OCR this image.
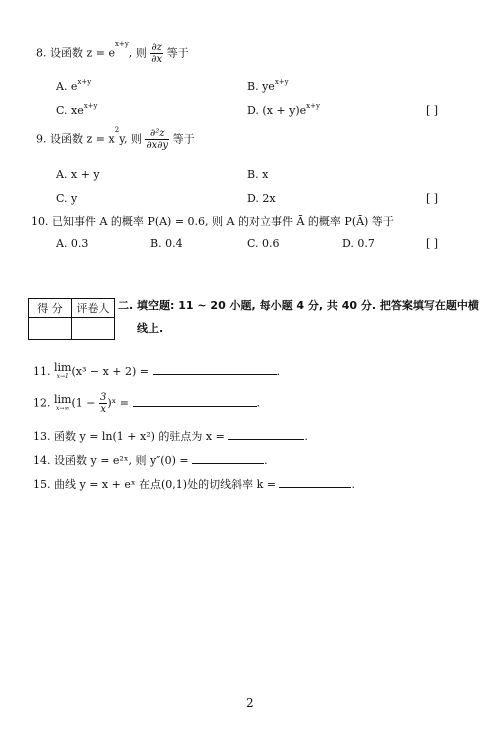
8. 设函数 $z = e^{x+y}$, 则 $\frac{\partial z}{\partial x}$ 等于
A. $e^{x+y}$	B. $ye^{x+y}$
C. $xe^{x+y}$	D. $(x + y)e^{x+y}$	[ ]
9. 设函数 $z = x^2y$, 则 $\frac{\text{∂²z}}{\partial x\partial y}$ 等于
A. x + y	B. x
C. y	D. 2x	[ ]
10. 已知事件 A 的概率 P(A) = 0.6, 则 A 的对立事件 Ā 的概率 P(Ā) 等于
A. 0.3	B. 0.4	C. 0.6	D. 0.7	[ ]
得 分	评卷人
	二. 填空题: 11 ~ 20 小题, 每小题 4 分, 共 40 分. 把答案填写在题中横
线上.
11. lim
x→1 (x³ − x + 2) =	.
12. lim
x→∞ ($1 - \frac{3}{x}$ )ˣ =	.
13. 函数 y = ln(1 + x²) 的驻点为 x =	.
14. 设函数 y = e²ˣ, 则 y″(0) =	.
15. 曲线 y = x + eˣ 在点(0,1)处的切线斜率 k =	.
2
